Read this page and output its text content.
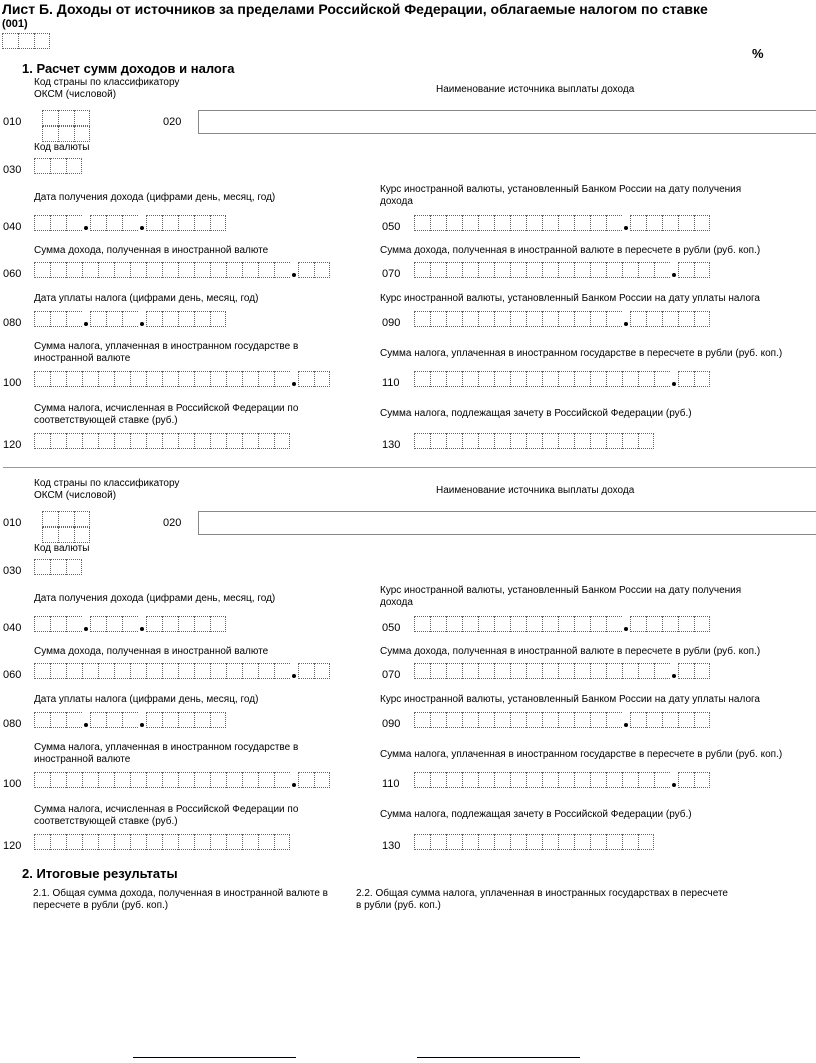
Лист Б. Доходы от источников за пределами Российской Федерации, облагаемые налогом по ставке
(001)
%
1. Расчет сумм доходов и налога
Код страны по классификатору
ОКСМ (числовой)	Наименование источника выплаты дохода
010	020
Код валюты
030
Дата получения дохода (цифрами день, месяц, год)
Курс иностранной валюты, установленный Банком России на дату получения
дохода
040	050
Сумма дохода, полученная в иностранной валюте	Сумма дохода, полученная в иностранной валюте в пересчете в рубли (руб. коп.)
060	070
Дата уплаты налога (цифрами день, месяц, год)	Курс иностранной валюты, установленный Банком России на дату уплаты налога
080	090
Сумма налога, уплаченная в иностранном государстве в
иностранной валюте	Сумма налога, уплаченная в иностранном государстве в пересчете в рубли (руб. коп.)
100	110
Сумма налога, исчисленная в Российской Федерации по
соответствующей ставке (руб.)
Сумма налога, подлежащая зачету в Российской Федерации (руб.)
120	130
Код страны по классификатору
ОКСМ (числовой)	Наименование источника выплаты дохода
010	020
Код валюты
030
Дата получения дохода (цифрами день, месяц, год)
Курс иностранной валюты, установленный Банком России на дату получения
дохода
040	050
Сумма дохода, полученная в иностранной валюте	Сумма дохода, полученная в иностранной валюте в пересчете в рубли (руб. коп.)
060	070
Дата уплаты налога (цифрами день, месяц, год)	Курс иностранной валюты, установленный Банком России на дату уплаты налога
080	090
Сумма налога, уплаченная в иностранном государстве в
иностранной валюте	Сумма налога, уплаченная в иностранном государстве в пересчете в рубли (руб. коп.)
100	110
Сумма налога, исчисленная в Российской Федерации по
соответствующей ставке (руб.)
Сумма налога, подлежащая зачету в Российской Федерации (руб.)
120	130
2. Итоговые результаты
2.1. Общая сумма дохода, полученная в иностранной валюте в
пересчете в рубли (руб. коп.)
2.2. Общая сумма налога, уплаченная в иностранных государствах в пересчете
в рубли (руб. коп.)
